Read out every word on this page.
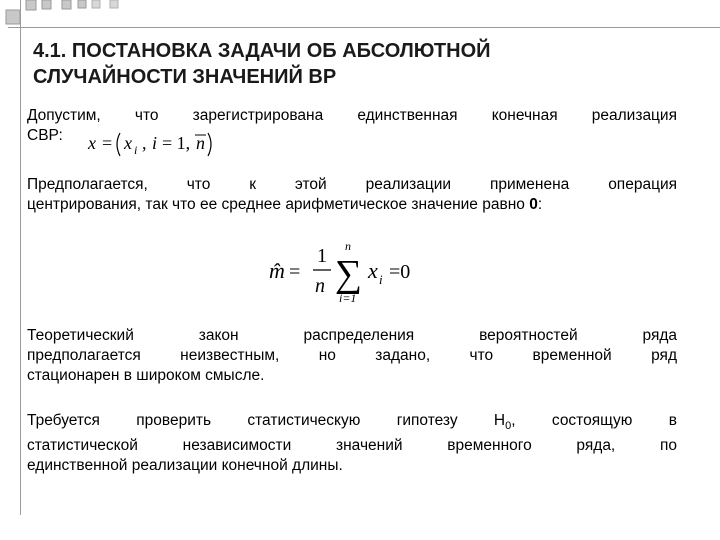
4.1. ПОСТАНОВКА ЗАДАЧИ ОБ АБСОЛЮТНОЙ
СЛУЧАЙНОСТИ ЗНАЧЕНИЙ ВР
Допустим, что зарегистрирована единственная конечная реализация
СВР:	x = x i , i = 1, n
Предполагается, что к этой реализации применена операция
центрирования, так что ее среднее арифметическое значение равно 0:
m̂ =
1
n
n
∑
i=1
x i =0
Теоретический закон распределения вероятностей ряда
предполагается неизвестным, но задано, что временной ряд
стационарен в широком смысле.
Требуется проверить статистическую гипотезу $H_0$, состоящую в
статистической независимости значений временного ряда, по
единственной реализации конечной длины.
